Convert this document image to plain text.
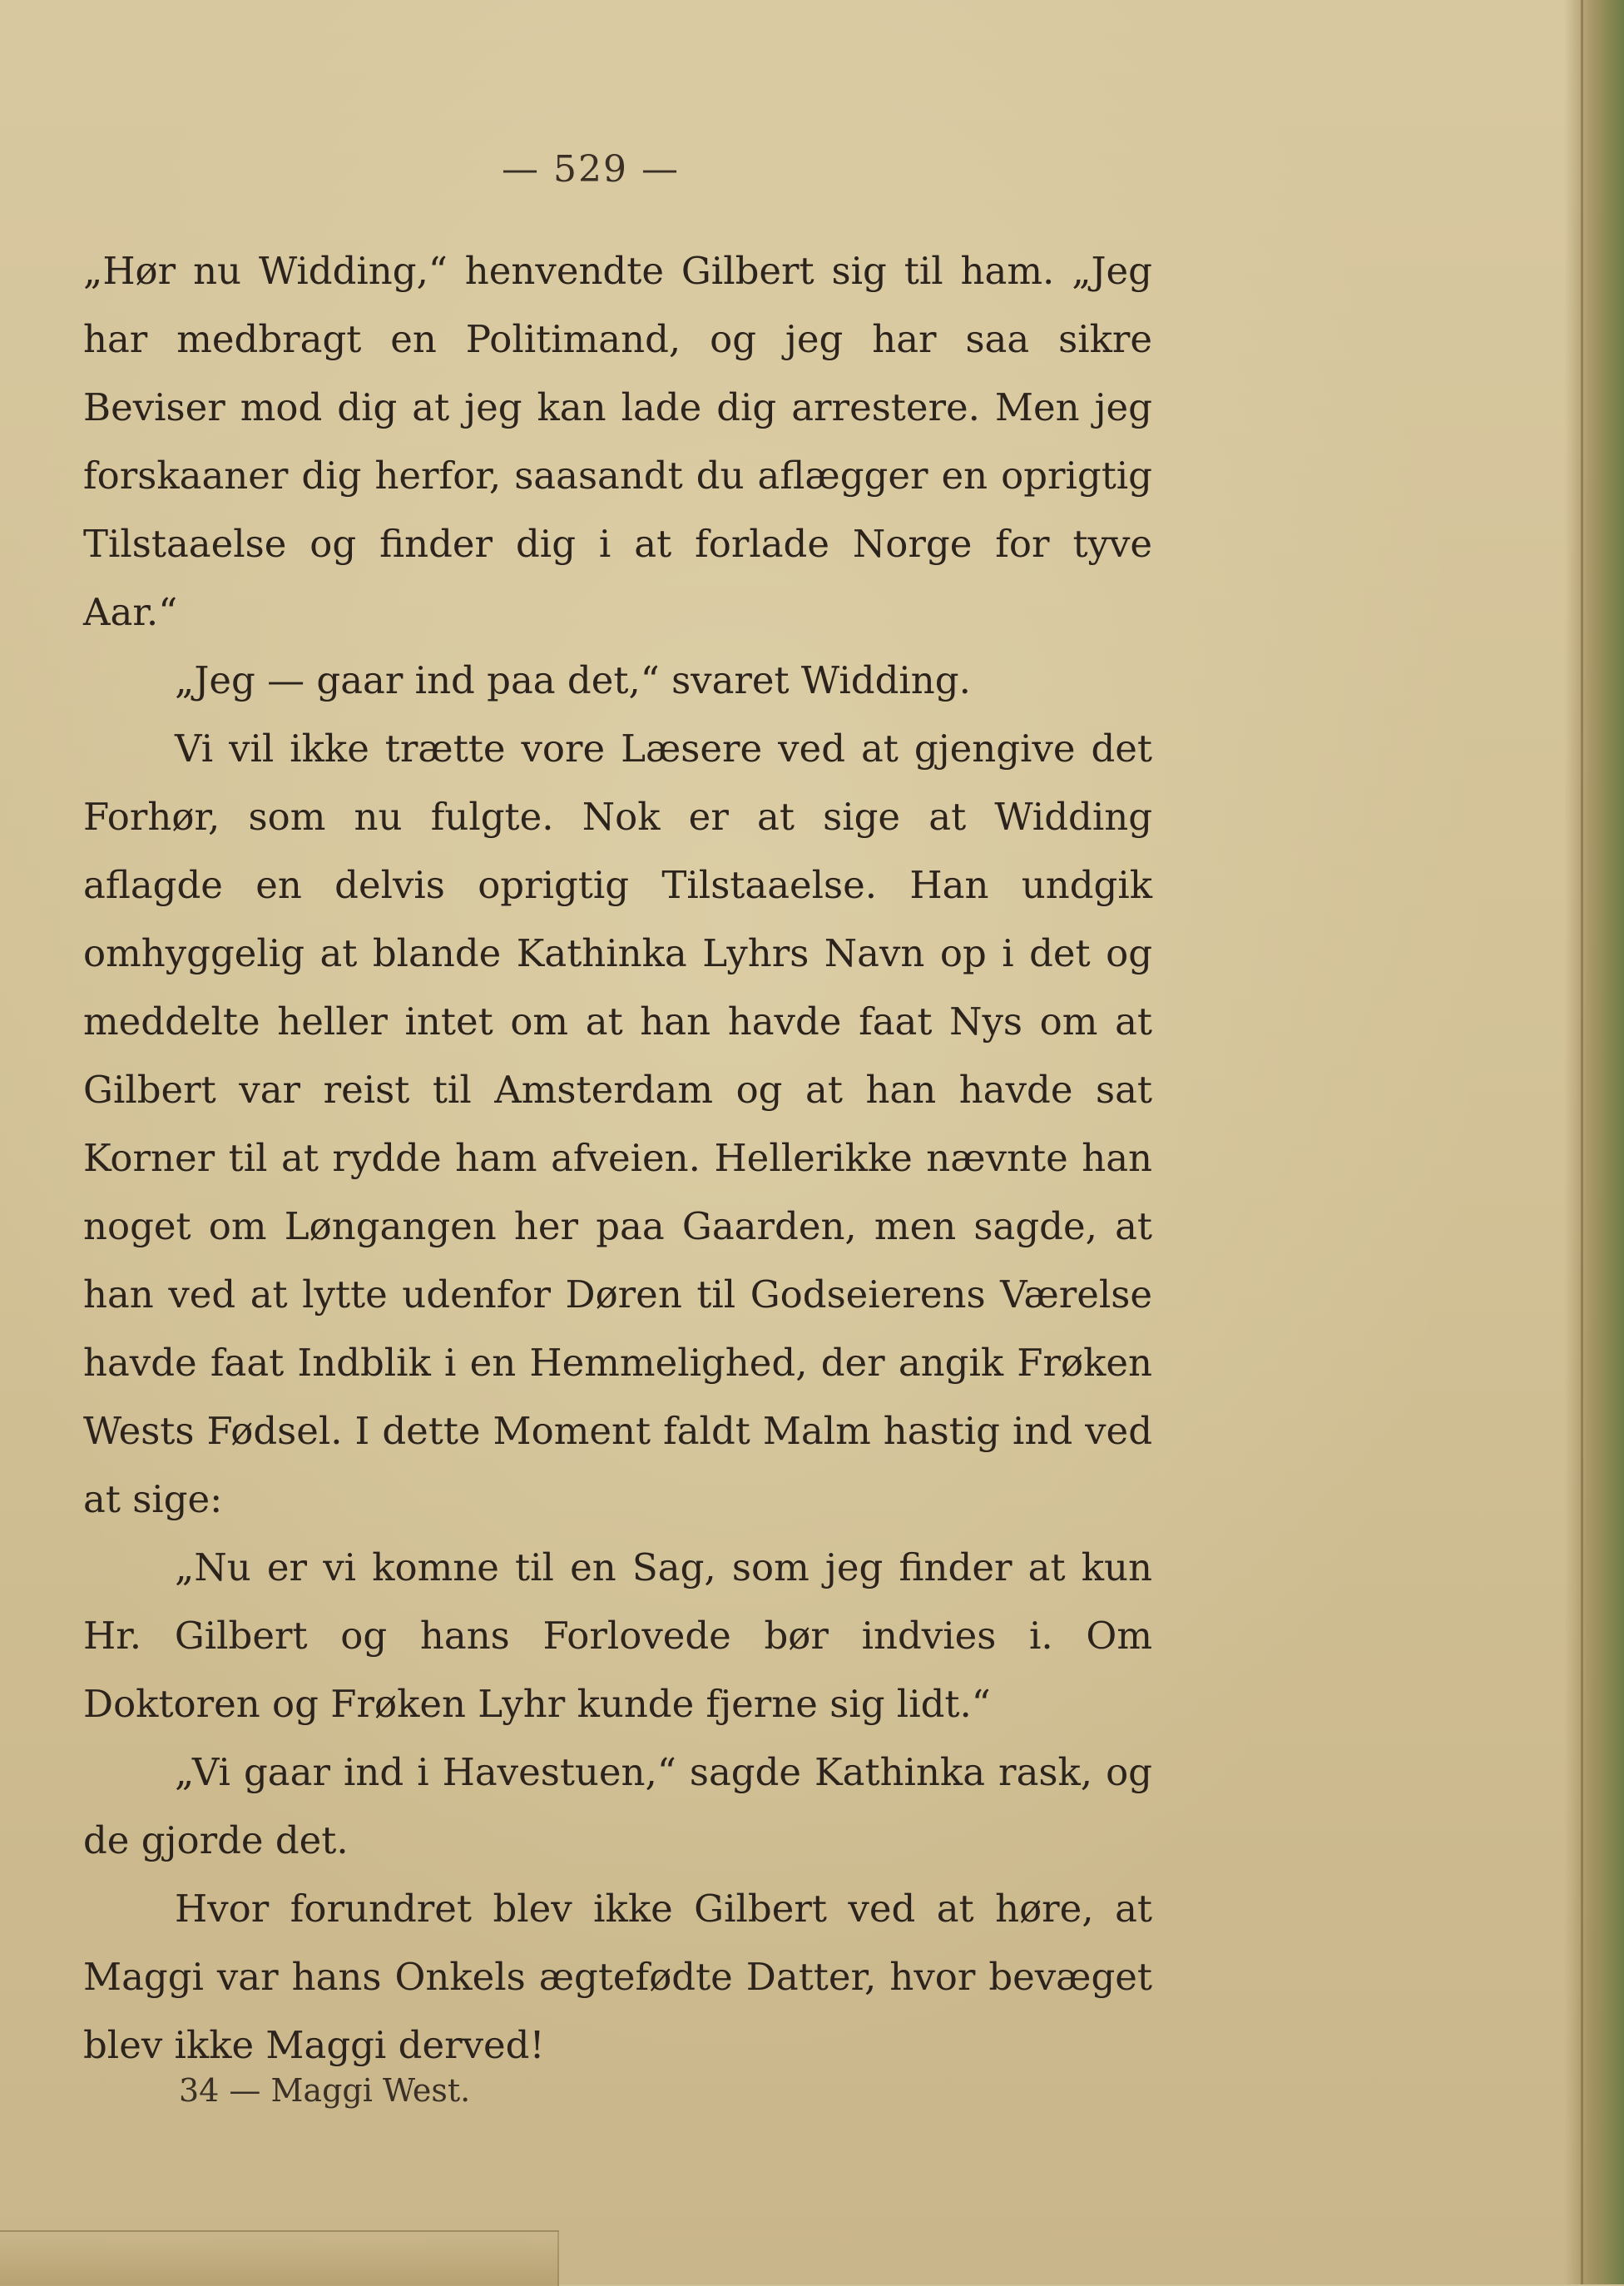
— 529 —

„Hør nu Widding,“ henvendte Gilbert sig til ham. „Jeg har medbragt en Politimand, og jeg har saa sikre Beviser mod dig at jeg kan lade dig arrestere. Men jeg forskaaner dig herfor, saasandt du aflægger en oprigtig Tilstaaelse og finder dig i at forlade Norge for tyve Aar.“

„Jeg — gaar ind paa det,“ svaret Widding.

Vi vil ikke trætte vore Læsere ved at gjengive det Forhør, som nu fulgte. Nok er at sige at Widding aflagde en delvis oprigtig Tilstaaelse. Han undgik omhyggelig at blande Kathinka Lyhrs Navn op i det og meddelte heller intet om at han havde faat Nys om at Gilbert var reist til Amsterdam og at han havde sat Korner til at rydde ham afveien. Hellerikke nævnte han noget om Løngangen her paa Gaarden, men sagde, at han ved at lytte udenfor Døren til Godseierens Værelse havde faat Indblik i en Hemmelighed, der angik Frøken Wests Fødsel. I dette Moment faldt Malm hastig ind ved at sige:

„Nu er vi komne til en Sag, som jeg finder at kun Hr. Gilbert og hans Forlovede bør indvies i. Om Doktoren og Frøken Lyhr kunde fjerne sig lidt.“

„Vi gaar ind i Havestuen,“ sagde Kathinka rask, og de gjorde det.

Hvor forundret blev ikke Gilbert ved at høre, at Maggi var hans Onkels ægtefødte Datter, hvor bevæget blev ikke Maggi derved!

34 — Maggi West.
